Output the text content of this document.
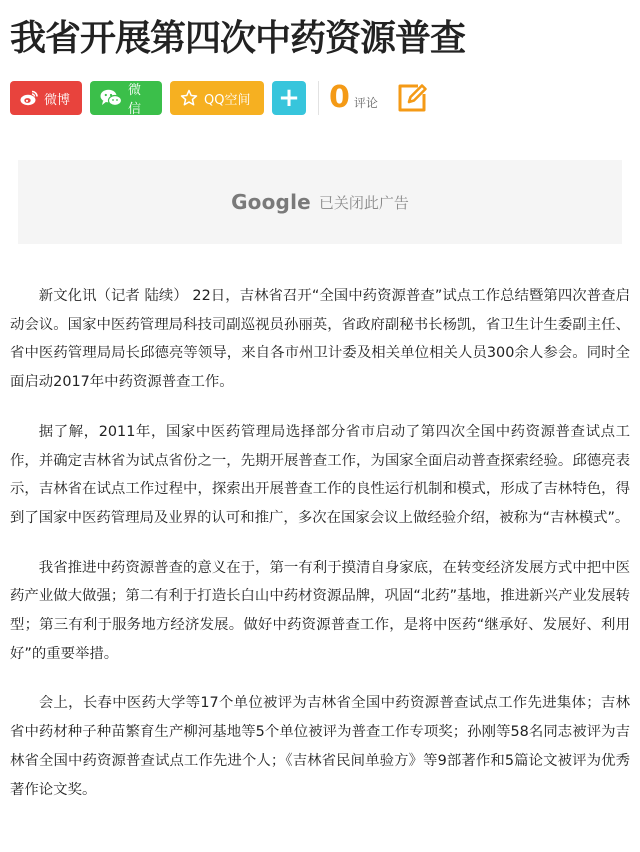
我省开展第四次中药资源普查
微博
微信
QQ空间 + 0 评论
Google 已关闭此广告

新文化讯（记者 陆续） 22日，吉林省召开“全国中药资源普查”试点工作总结暨第四次普查启动会议。国家中医药管理局科技司副巡视员孙丽英，省政府副秘书长杨凯，省卫生计生委副主任、省中医药管理局局长邱德亮等领导，来自各市州卫计委及相关单位相关人员300余人参会。同时全面启动2017年中药资源普查工作。

据了解，2011年，国家中医药管理局选择部分省市启动了第四次全国中药资源普查试点工作，并确定吉林省为试点省份之一，先期开展普查工作，为国家全面启动普查探索经验。邱德亮表示，吉林省在试点工作过程中，探索出开展普查工作的良性运行机制和模式，形成了吉林特色，得到了国家中医药管理局及业界的认可和推广，多次在国家会议上做经验介绍，被称为“吉林模式”。

我省推进中药资源普查的意义在于，第一有利于摸清自身家底，在转变经济发展方式中把中医药产业做大做强；第二有利于打造长白山中药材资源品牌，巩固“北药”基地，推进新兴产业发展转型；第三有利于服务地方经济发展。做好中药资源普查工作，是将中医药“继承好、发展好、利用好”的重要举措。

会上，长春中医药大学等17个单位被评为吉林省全国中药资源普查试点工作先进集体；吉林省中药材种子种苗繁育生产柳河基地等5个单位被评为普查工作专项奖；孙刚等58名同志被评为吉林省全国中药资源普查试点工作先进个人；《吉林省民间单验方》等9部著作和5篇论文被评为优秀著作论文奖。
